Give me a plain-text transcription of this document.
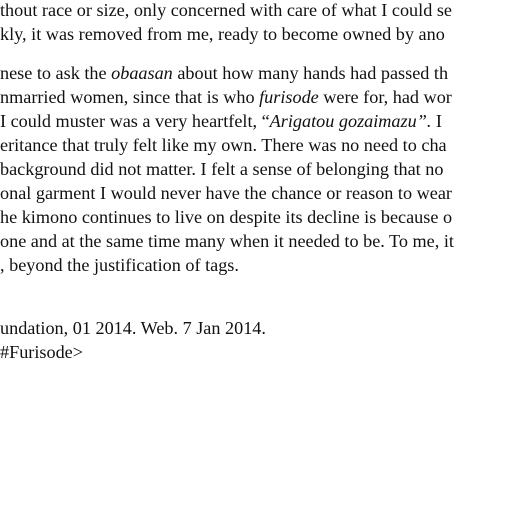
thout race or size, only concerned with care of what I could se
kly, it was removed from me, ready to become owned by ano
nese to ask the obaasan about how many hands had passed th
nmarried women, since that is who furisode were for, had wor
I could muster was a very heartfelt, “Arigatou gozaimazu”. I
eritance that truly felt like my own. There was no need to cha
background did not matter. I felt a sense of belonging that no
onal garment I would never have the chance or reason to wear
he kimono continues to live on despite its decline is because o
one and at the same time many when it needed to be. To me, it
, beyond the justification of tags.
undation, 01 2014. Web. 7 Jan 2014.
#Furisode>
